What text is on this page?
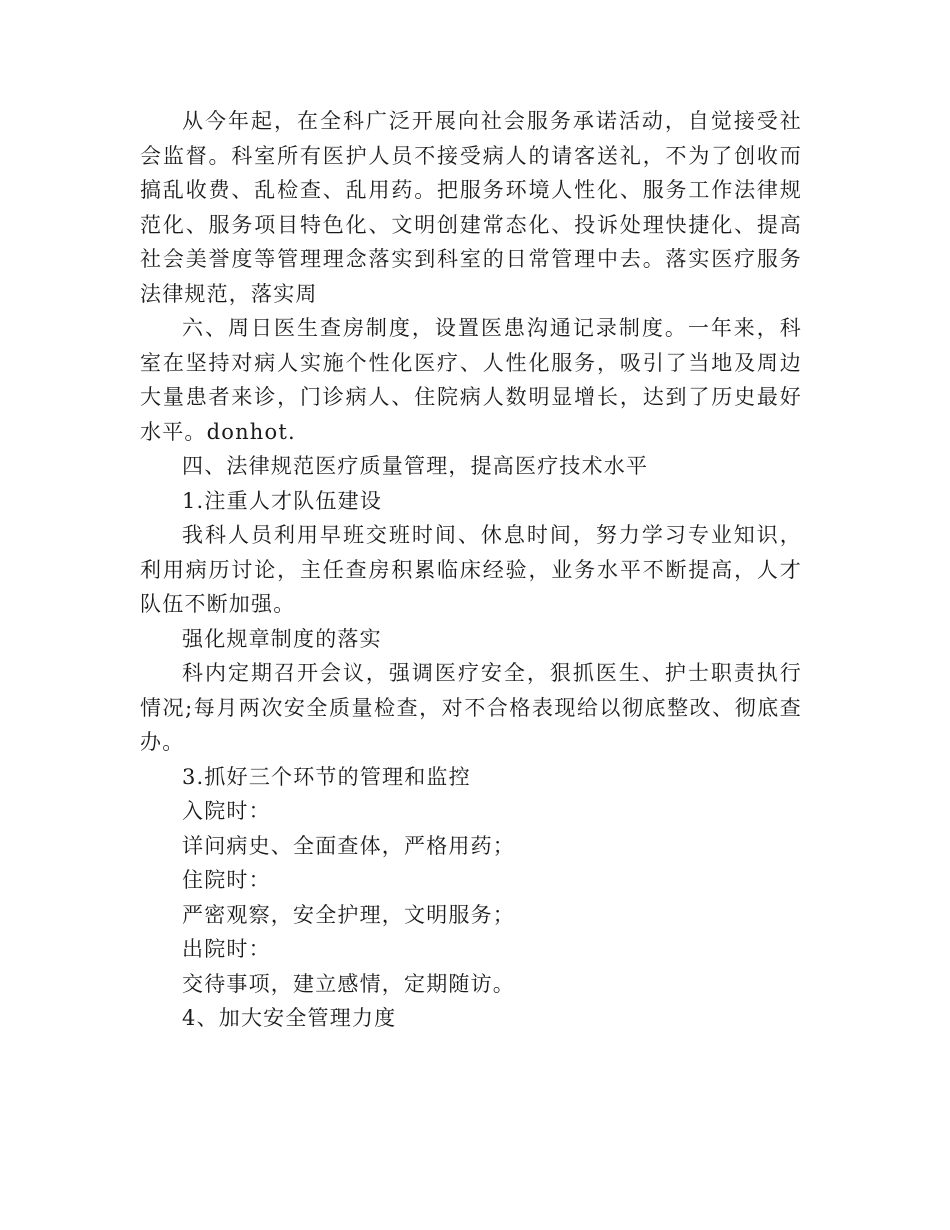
从今年起，在全科广泛开展向社会服务承诺活动，自觉接受社会监督。科室所有医护人员不接受病人的请客送礼，不为了创收而搞乱收费、乱检查、乱用药。把服务环境人性化、服务工作法律规范化、服务项目特色化、文明创建常态化、投诉处理快捷化、提高社会美誉度等管理理念落实到科室的日常管理中去。落实医疗服务法律规范，落实周

六、周日医生查房制度，设置医患沟通记录制度。一年来，科室在坚持对病人实施个性化医疗、人性化服务，吸引了当地及周边大量患者来诊，门诊病人、住院病人数明显增长，达到了历史最好水平。donhot.

四、法律规范医疗质量管理，提高医疗技术水平

1.注重人才队伍建设

我科人员利用早班交班时间、休息时间，努力学习专业知识，利用病历讨论，主任查房积累临床经验，业务水平不断提高，人才队伍不断加强。

强化规章制度的落实

科内定期召开会议，强调医疗安全，狠抓医生、护士职责执行情况;每月两次安全质量检查，对不合格表现给以彻底整改、彻底查办。

3.抓好三个环节的管理和监控

入院时：

详问病史、全面查体，严格用药；

住院时：

严密观察，安全护理，文明服务；

出院时：

交待事项，建立感情，定期随访。

4、加大安全管理力度
